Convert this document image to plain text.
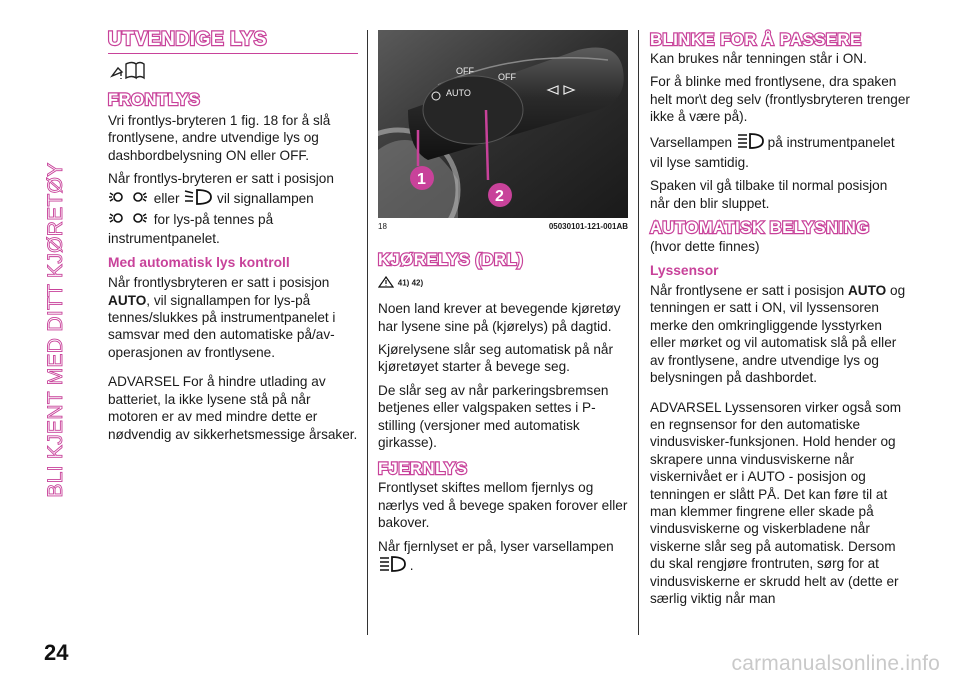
BLI KJENT MED DITT KJØRETØY
24
UTVENDIGE LYS
FRONTLYS

Vri frontlys-bryteren 1 fig. 18 for å slå frontlysene, andre utvendige lys og dashbordbelysning ON eller OFF.

Når frontlys-bryteren er satt i posisjon
eller	vil signallampen
for lys-på tennes på instrumentpanelet.

Med automatisk lys kontroll

Når frontlysbryteren er satt i posisjon AUTO, vil signallampen for lys-på tennes/slukkes på instrumentpanelet i samsvar med den automatiske på/av-operasjonen av frontlysene.

ADVARSEL For å hindre utlading av batteriet, la ikke lysene stå på når motoren er av med mindre dette er nødvendig av sikkerhetsmessige årsaker.

OFF
OFF
AUTO
1
2
18	05030101-121-001AB
KJØRELYS (DRL)
41) 42)

Noen land krever at bevegende kjøretøy har lysene sine på (kjørelys) på dagtid.

Kjørelysene slår seg automatisk på når kjøretøyet starter å bevege seg.

De slår seg av når parkeringsbremsen betjenes eller valgspaken settes i P-stilling (versjoner med automatisk girkasse).

FJERNLYS

Frontlyset skiftes mellom fjernlys og nærlys ved å bevege spaken forover eller bakover.

Når fjernlyset er på, lyser varsellampen
.

BLINKE FOR Å PASSERE

Kan brukes når tenningen står i ON.

For å blinke med frontlysene, dra spaken helt mor\t deg selv (frontlysbryteren trenger ikke å være på).

Varsellampen	på instrumentpanelet vil lyse samtidig.

Spaken vil gå tilbake til normal posisjon når den blir sluppet.

AUTOMATISK BELYSNING

(hvor dette finnes)

Lyssensor

Når frontlysene er satt i posisjon AUTO og tenningen er satt i ON, vil lyssensoren merke den omkringliggende lysstyrken eller mørket og vil automatisk slå på eller av frontlysene, andre utvendige lys og belysningen på dashbordet.

ADVARSEL Lyssensoren virker også som en regnsensor for den automatiske vindusvisker-funksjonen. Hold hender og skrapere unna vindusviskerne når viskernivået er i AUTO - posisjon og tenningen er slått PÅ. Det kan føre til at man klemmer fingrene eller skade på vindusviskerne og viskerbladene når viskerne slår seg på automatisk. Dersom du skal rengjøre frontruten, sørg for at vindusviskerne er skrudd helt av (dette er særlig viktig når man

carmanualsonline.info
